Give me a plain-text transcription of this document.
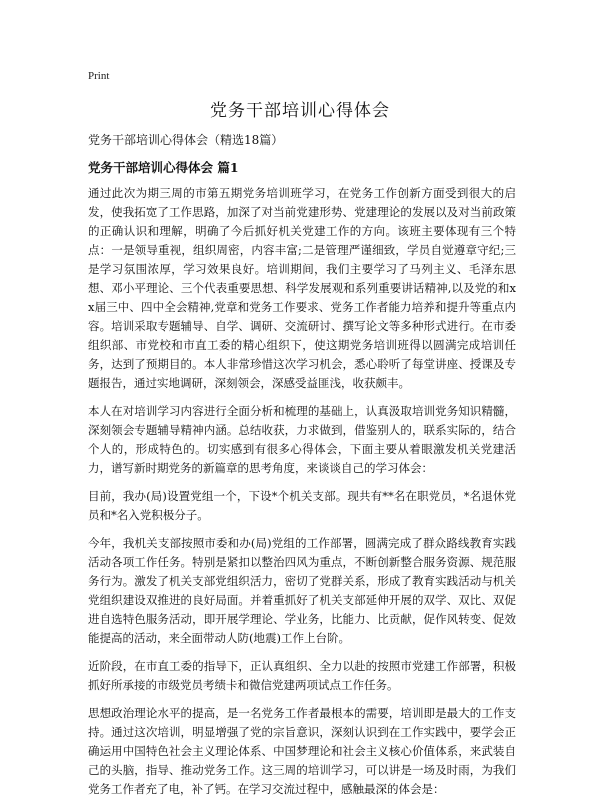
Print
党务干部培训心得体会
党务干部培训心得体会（精选18篇）
党务干部培训心得体会 篇1

通过此次为期三周的市第五期党务培训班学习，在党务工作创新方面受到很大的启发，使我拓宽了工作思路，加深了对当前党建形势、党建理论的发展以及对当前政策的正确认识和理解，明确了今后抓好机关党建工作的方向。该班主要体现有三个特点：一是领导重视，组织周密，内容丰富;二是管理严谨细致，学员自觉遵章守纪;三是学习氛围浓厚，学习效果良好。培训期间，我们主要学习了马列主义、毛泽东思想、邓小平理论、三个代表重要思想、科学发展观和系列重要讲话精神,以及党的和xx届三中、四中全会精神,党章和党务工作要求、党务工作者能力培养和提升等重点内容。培训采取专题辅导、自学、调研、交流研讨、撰写论文等多种形式进行。在市委组织部、市党校和市直工委的精心组织下，使这期党务培训班得以圆满完成培训任务，达到了预期目的。本人非常珍惜这次学习机会，悉心聆听了每堂讲座、授课及专题报告，通过实地调研，深刻领会，深感受益匪浅，收获颇丰。

本人在对培训学习内容进行全面分析和梳理的基础上，认真汲取培训党务知识精髓，深刻领会专题辅导精神内涵。总结收获，力求做到，借鉴别人的，联系实际的，结合个人的，形成特色的。切实感到有很多心得体会，下面主要从着眼激发机关党建活力，谱写新时期党务的新篇章的思考角度，来谈谈自己的学习体会：

目前，我办(局)设置党组一个，下设*个机关支部。现共有**名在职党员，*名退休党员和*名入党积极分子。

今年，我机关支部按照市委和办(局)党组的工作部署，圆满完成了群众路线教育实践活动各项工作任务。特别是紧扣以整治四风为重点，不断创新整合服务资源、规范服务行为。激发了机关支部党组织活力，密切了党群关系，形成了教育实践活动与机关党组织建设双推进的良好局面。并着重抓好了机关支部延伸开展的双学、双比、双促进自选特色服务活动，即开展学理论、学业务，比能力、比贡献，促作风转变、促效能提高的活动，来全面带动人防(地震)工作上台阶。

近阶段，在市直工委的指导下，正认真组织、全力以赴的按照市党建工作部署，积极抓好所承接的市级党员考绩卡和微信党建两项试点工作任务。

思想政治理论水平的提高，是一名党务工作者最根本的需要，培训即是最大的工作支持。通过这次培训，明显增强了党的宗旨意识，深刻认识到在工作实践中，要学会正确运用中国特色社会主义理论体系、中国梦理论和社会主义核心价值体系，来武装自己的头脑，指导、推动党务工作。这三周的培训学习，可以讲是一场及时雨，为我们党务工作者充了电，补了钙。在学习交流过程中，感触最深的体会是：
